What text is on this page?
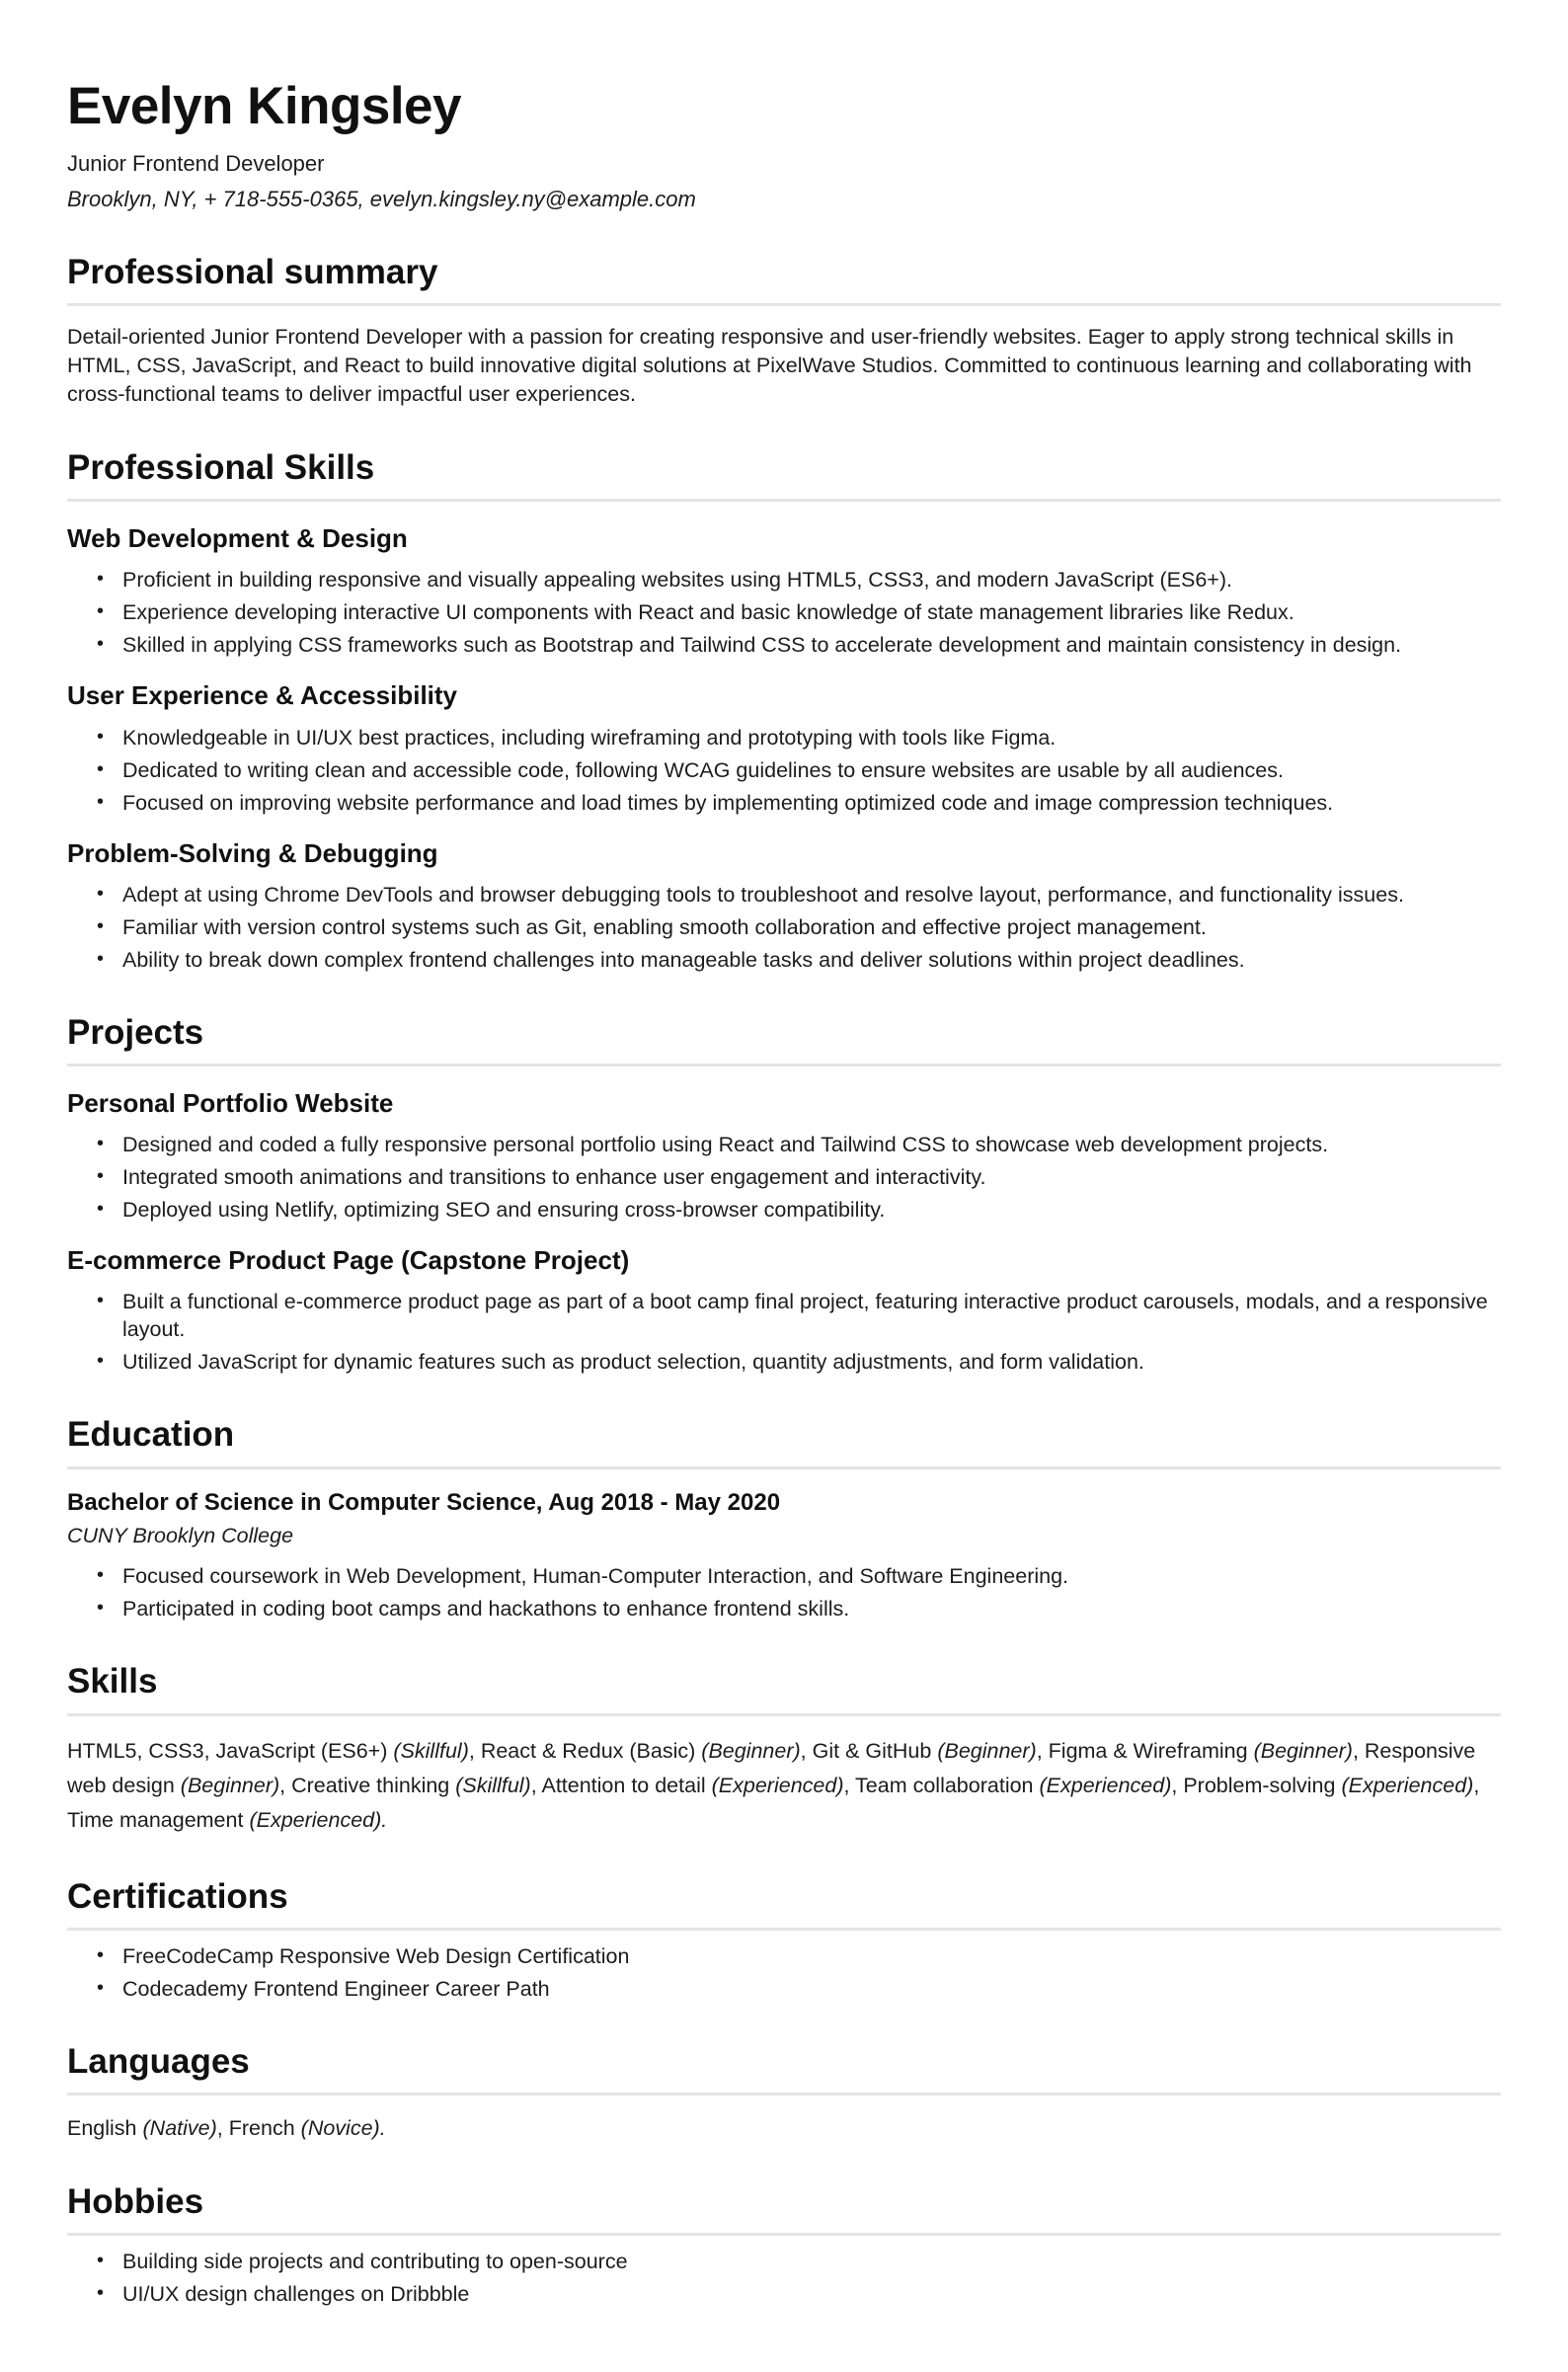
Evelyn Kingsley

Junior Frontend Developer

Brooklyn, NY, + 718-555-0365, evelyn.kingsley.ny@example.com

Professional summary

Detail-oriented Junior Frontend Developer with a passion for creating responsive and user-friendly websites. Eager to apply strong technical skills in HTML, CSS, JavaScript, and React to build innovative digital solutions at PixelWave Studios. Committed to continuous learning and collaborating with cross-functional teams to deliver impactful user experiences.

Professional Skills
Web Development & Design
• Proficient in building responsive and visually appealing websites using HTML5, CSS3, and modern JavaScript (ES6+).
• Experience developing interactive UI components with React and basic knowledge of state management libraries like Redux.
• Skilled in applying CSS frameworks such as Bootstrap and Tailwind CSS to accelerate development and maintain consistency in design.
User Experience & Accessibility
• Knowledgeable in UI/UX best practices, including wireframing and prototyping with tools like Figma.
• Dedicated to writing clean and accessible code, following WCAG guidelines to ensure websites are usable by all audiences.
• Focused on improving website performance and load times by implementing optimized code and image compression techniques.
Problem-Solving & Debugging
• Adept at using Chrome DevTools and browser debugging tools to troubleshoot and resolve layout, performance, and functionality issues.
• Familiar with version control systems such as Git, enabling smooth collaboration and effective project management.
• Ability to break down complex frontend challenges into manageable tasks and deliver solutions within project deadlines.
Projects
Personal Portfolio Website
• Designed and coded a fully responsive personal portfolio using React and Tailwind CSS to showcase web development projects.
• Integrated smooth animations and transitions to enhance user engagement and interactivity.
• Deployed using Netlify, optimizing SEO and ensuring cross-browser compatibility.
E-commerce Product Page (Capstone Project)
• Built a functional e-commerce product page as part of a boot camp final project, featuring interactive product carousels, modals, and a responsive layout.
• Utilized JavaScript for dynamic features such as product selection, quantity adjustments, and form validation.
Education

Bachelor of Science in Computer Science, Aug 2018 - May 2020

CUNY Brooklyn College

• Focused coursework in Web Development, Human-Computer Interaction, and Software Engineering.
• Participated in coding boot camps and hackathons to enhance frontend skills.
Skills

HTML5, CSS3, JavaScript (ES6+) (Skillful), React & Redux (Basic) (Beginner), Git & GitHub (Beginner), Figma & Wireframing (Beginner), Responsive web design (Beginner), Creative thinking (Skillful), Attention to detail (Experienced), Team collaboration (Experienced), Problem-solving (Experienced), Time management (Experienced).

Certifications
• FreeCodeCamp Responsive Web Design Certification
• Codecademy Frontend Engineer Career Path
Languages

English (Native), French (Novice).

Hobbies
• Building side projects and contributing to open-source
• UI/UX design challenges on Dribbble
